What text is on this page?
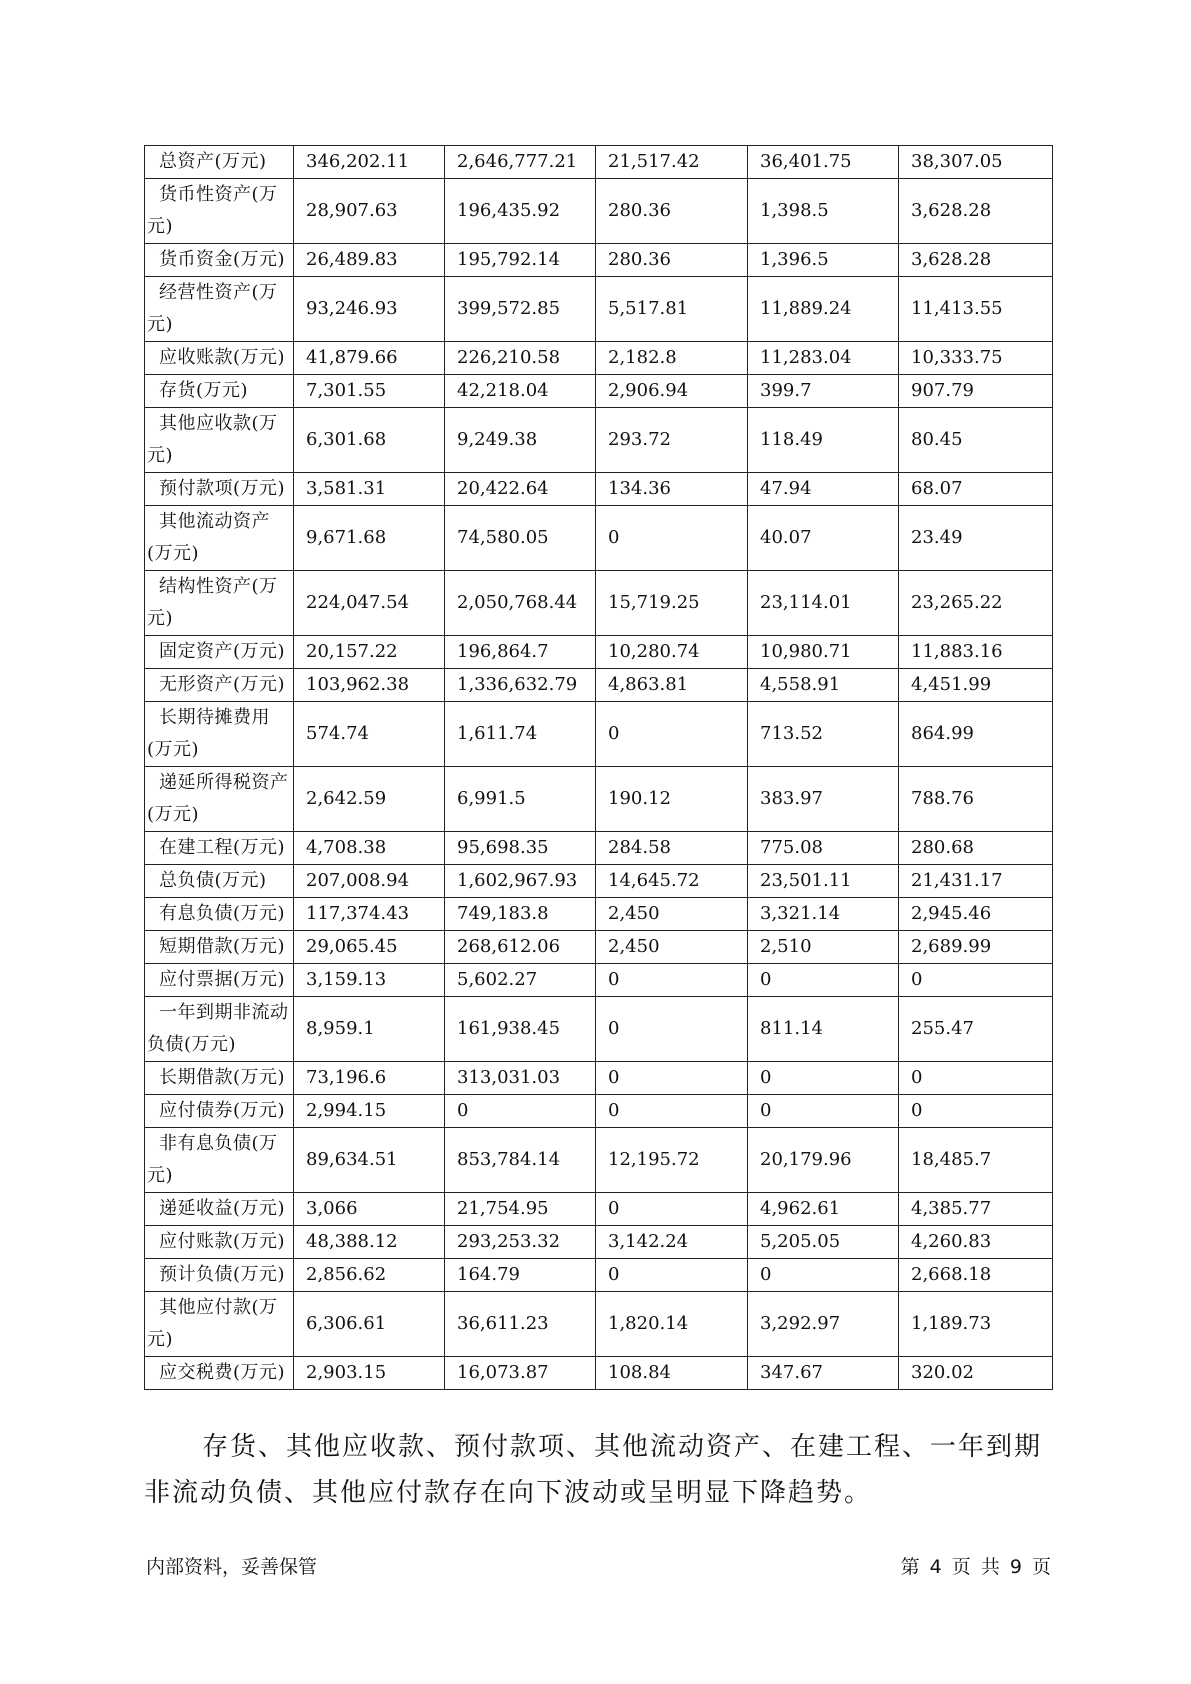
总资产(万元)	346,202.11	2,646,777.21	21,517.42	36,401.75	38,307.05
货币性资产(万元)	28,907.63	196,435.92	280.36	1,398.5	3,628.28
货币资金(万元)	26,489.83	195,792.14	280.36	1,396.5	3,628.28
经营性资产(万元)	93,246.93	399,572.85	5,517.81	11,889.24	11,413.55
应收账款(万元)	41,879.66	226,210.58	2,182.8	11,283.04	10,333.75
存货(万元)	7,301.55	42,218.04	2,906.94	399.7	907.79
其他应收款(万元)	6,301.68	9,249.38	293.72	118.49	80.45
预付款项(万元)	3,581.31	20,422.64	134.36	47.94	68.07
其他流动资产(万元)	9,671.68	74,580.05	0	40.07	23.49
结构性资产(万元)	224,047.54	2,050,768.44	15,719.25	23,114.01	23,265.22
固定资产(万元)	20,157.22	196,864.7	10,280.74	10,980.71	11,883.16
无形资产(万元)	103,962.38	1,336,632.79	4,863.81	4,558.91	4,451.99
长期待摊费用(万元)	574.74	1,611.74	0	713.52	864.99
递延所得税资产(万元)	2,642.59	6,991.5	190.12	383.97	788.76
在建工程(万元)	4,708.38	95,698.35	284.58	775.08	280.68
总负债(万元)	207,008.94	1,602,967.93	14,645.72	23,501.11	21,431.17
有息负债(万元)	117,374.43	749,183.8	2,450	3,321.14	2,945.46
短期借款(万元)	29,065.45	268,612.06	2,450	2,510	2,689.99
应付票据(万元)	3,159.13	5,602.27	0	0	0
一年到期非流动负债(万元)	8,959.1	161,938.45	0	811.14	255.47
长期借款(万元)	73,196.6	313,031.03	0	0	0
应付债券(万元)	2,994.15	0	0	0	0
非有息负债(万元)	89,634.51	853,784.14	12,195.72	20,179.96	18,485.7
递延收益(万元)	3,066	21,754.95	0	4,962.61	4,385.77
应付账款(万元)	48,388.12	293,253.32	3,142.24	5,205.05	4,260.83
预计负债(万元)	2,856.62	164.79	0	0	2,668.18
其他应付款(万元)	6,306.61	36,611.23	1,820.14	3,292.97	1,189.73
应交税费(万元)	2,903.15	16,073.87	108.84	347.67	320.02

存货、其他应收款、预付款项、其他流动资产、在建工程、一年到期非流动负债、其他应付款存在向下波动或呈明显下降趋势。

内部资料，妥善保管	第 4 页 共 9 页
